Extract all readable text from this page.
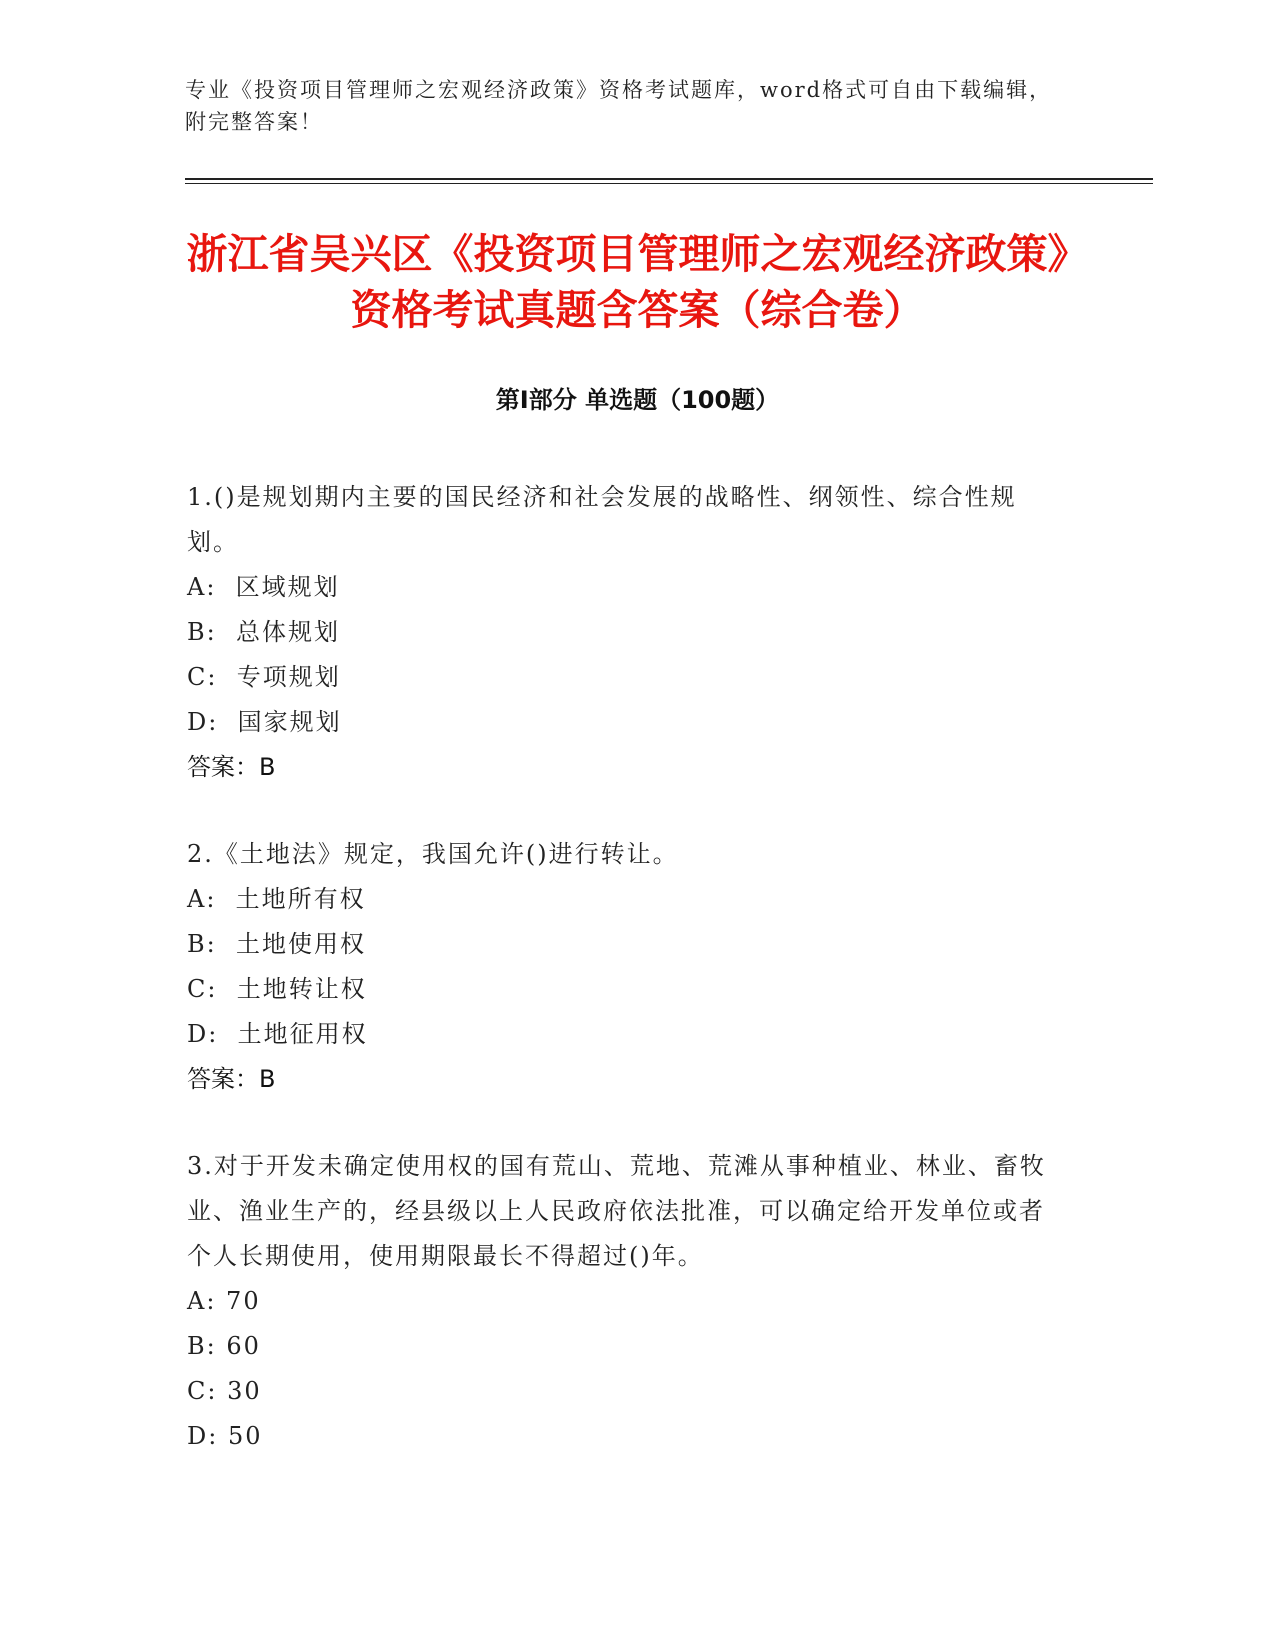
专业《投资项目管理师之宏观经济政策》资格考试题库，word格式可自由下载编辑，附完整答案！

浙江省吴兴区《投资项目管理师之宏观经济政策》资格考试真题含答案（综合卷）
第Ⅰ部分 单选题（100题）

1.()是规划期内主要的国民经济和社会发展的战略性、纲领性、综合性规划。

A:  区域规划

B:  总体规划

C:  专项规划

D:  国家规划

答案：B

2.《土地法》规定，我国允许()进行转让。

A:  土地所有权

B:  土地使用权

C:  土地转让权

D:  土地征用权

答案：B

3.对于开发未确定使用权的国有荒山、荒地、荒滩从事种植业、林业、畜牧业、渔业生产的，经县级以上人民政府依法批准，可以确定给开发单位或者个人长期使用，使用期限最长不得超过()年。

A: 70

B: 60

C: 30

D: 50
